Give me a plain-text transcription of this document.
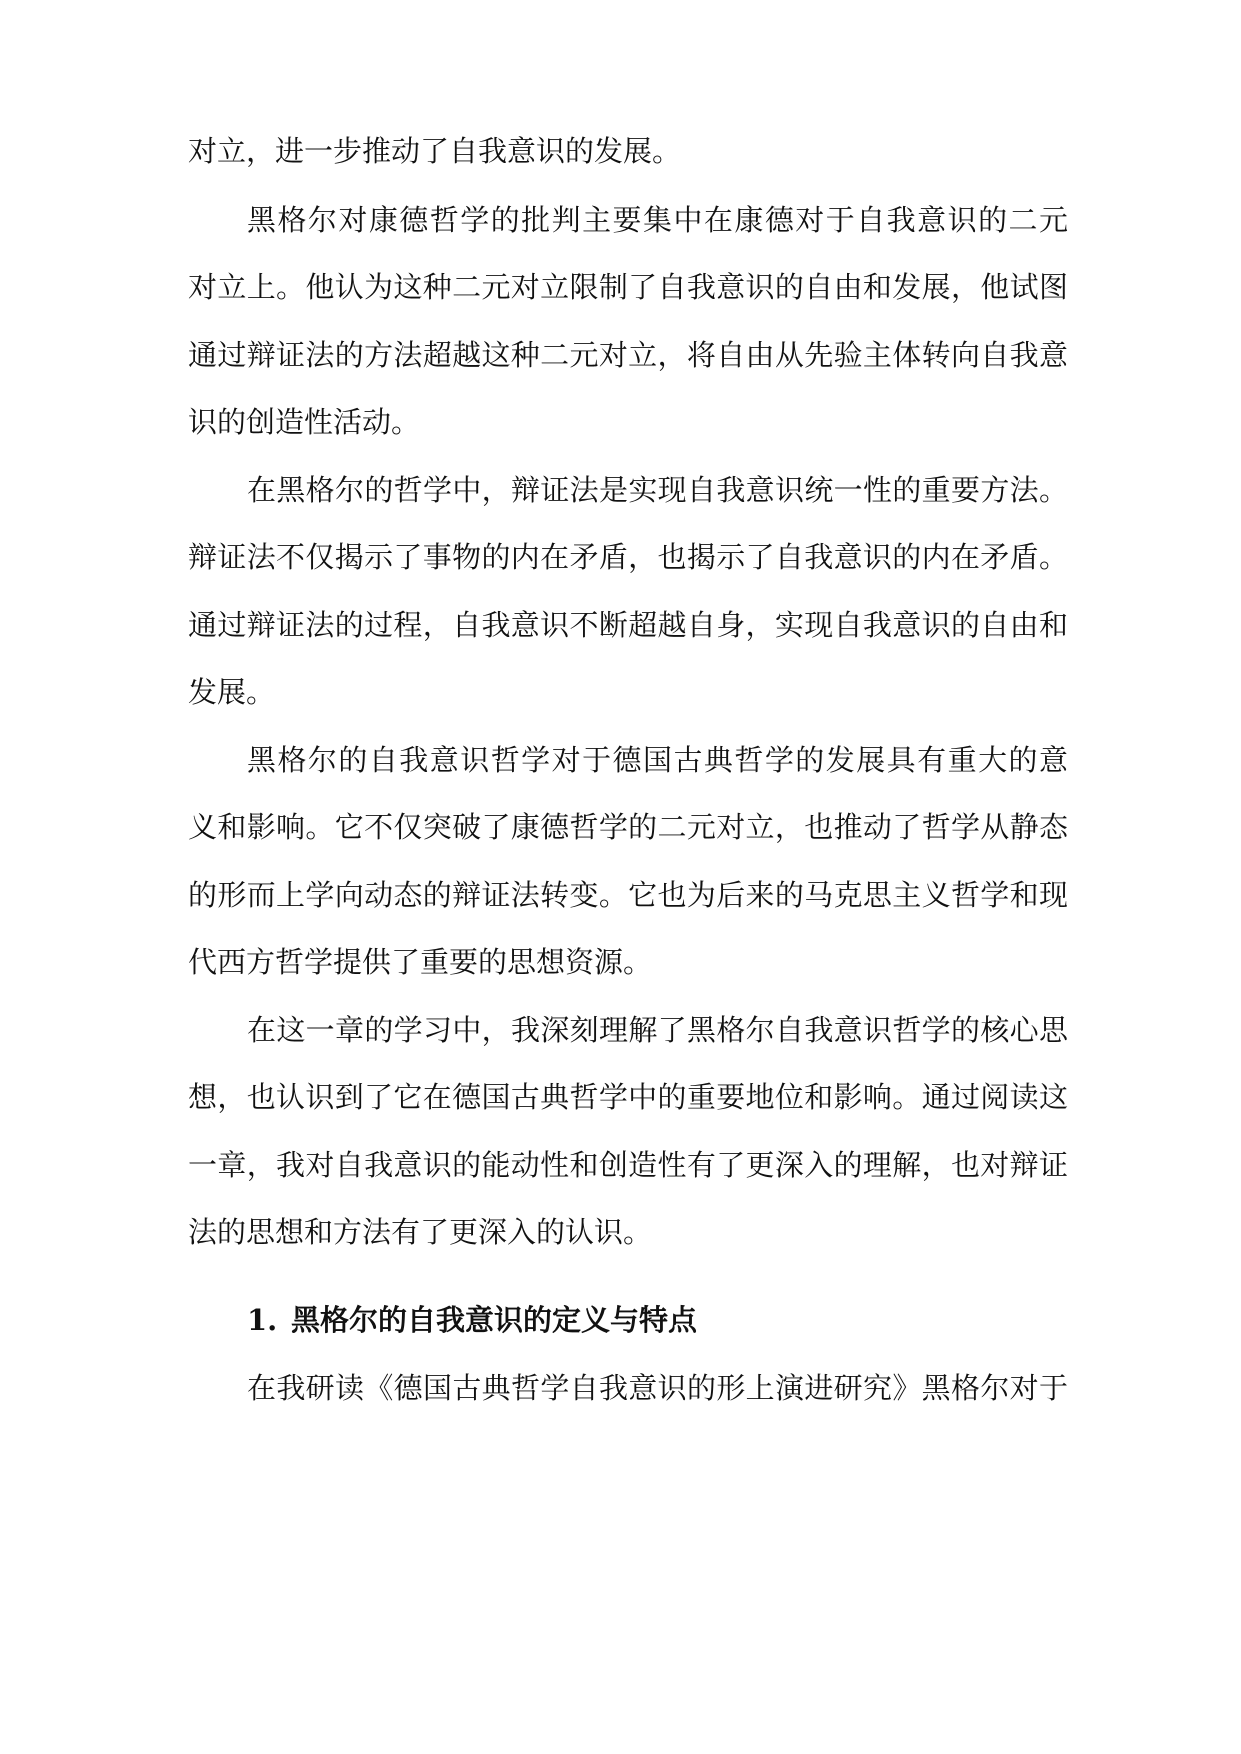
对立，进一步推动了自我意识的发展。
黑格尔对康德哲学的批判主要集中在康德对于自我意识的二元
对立上。他认为这种二元对立限制了自我意识的自由和发展，他试图
通过辩证法的方法超越这种二元对立，将自由从先验主体转向自我意
识的创造性活动。
在黑格尔的哲学中，辩证法是实现自我意识统一性的重要方法。
辩证法不仅揭示了事物的内在矛盾，也揭示了自我意识的内在矛盾。
通过辩证法的过程，自我意识不断超越自身，实现自我意识的自由和
发展。
黑格尔的自我意识哲学对于德国古典哲学的发展具有重大的意
义和影响。它不仅突破了康德哲学的二元对立，也推动了哲学从静态
的形而上学向动态的辩证法转变。它也为后来的马克思主义哲学和现
代西方哲学提供了重要的思想资源。
在这一章的学习中，我深刻理解了黑格尔自我意识哲学的核心思
想，也认识到了它在德国古典哲学中的重要地位和影响。通过阅读这
一章，我对自我意识的能动性和创造性有了更深入的理解，也对辩证
法的思想和方法有了更深入的认识。
1. 黑格尔的自我意识的定义与特点
在我研读《德国古典哲学自我意识的形上演进研究》黑格尔对于
